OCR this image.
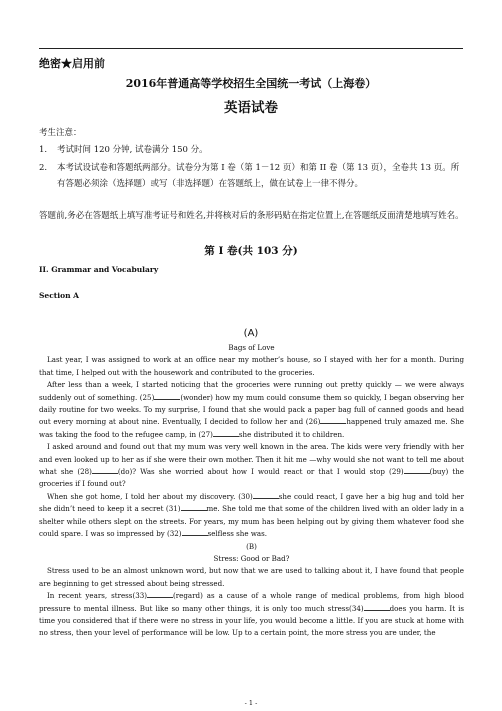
绝密★启用前
2016年普通高等学校招生全国统一考试（上海卷）
英语试卷
考生注意：
1.	考试时间 120 分钟, 试卷满分 150 分。
2.	本考试设试卷和答题纸两部分。试卷分为第 I 卷（第 1－12 页）和第 II 卷（第 13 页），全卷共 13 页。所有答题必须涂（选择题）或写（非选择题）在答题纸上，做在试卷上一律不得分。
答题前,务必在答题纸上填写准考证号和姓名,并将核对后的条形码贴在指定位置上,在答题纸反面清楚地填写姓名。
第 I 卷(共 103 分)
II. Grammar and Vocabulary
Section A
(A)

Bags of Love

Last year, I was assigned to work at an office near my mother’s house, so I stayed with her for a month. During that time, I helped out with the housework and contributed to the groceries.

After less than a week, I started noticing that the groceries were running out pretty quickly — we were always suddenly out of something. (25)	(wonder) how my mum could consume them so quickly, I began observing her daily routine for two weeks. To my surprise, I found that she would pack a paper bag full of canned goods and head out every morning at about nine. Eventually, I decided to follow her and (26)	happened truly amazed me. She was taking the food to the refugee camp, in (27)	she distributed it to children.

I asked around and found out that my mum was very well known in the area. The kids were very friendly with her and even looked up to her as if she were their own mother. Then it hit me —why would she not want to tell me about what she (28)	(do)? Was she worried about how I would react or that I would stop (29)	(buy) the groceries if I found out?

When she got home, I told her about my discovery. (30)	she could react, I gave her a big hug and told her she didn’t need to keep it a secret (31)	me. She told me that some of the children lived with an older lady in a shelter while others slept on the streets. For years, my mum has been helping out by giving them whatever food she could spare. I was so impressed by (32)	selfless she was.

(B)

Stress: Good or Bad?

Stress used to be an almost unknown word, but now that we are used to talking about it, I have found that people are beginning to get stressed about being stressed.

In recent years, stress(33)	(regard) as a cause of a whole range of medical problems, from high blood pressure to mental illness. But like so many other things, it is only too much stress(34)	does you harm. It is time you considered that if there were no stress in your life, you would become a little. If you are stuck at home with no stress, then your level of performance will be low. Up to a certain point, the more stress you are under, the

- 1 -
